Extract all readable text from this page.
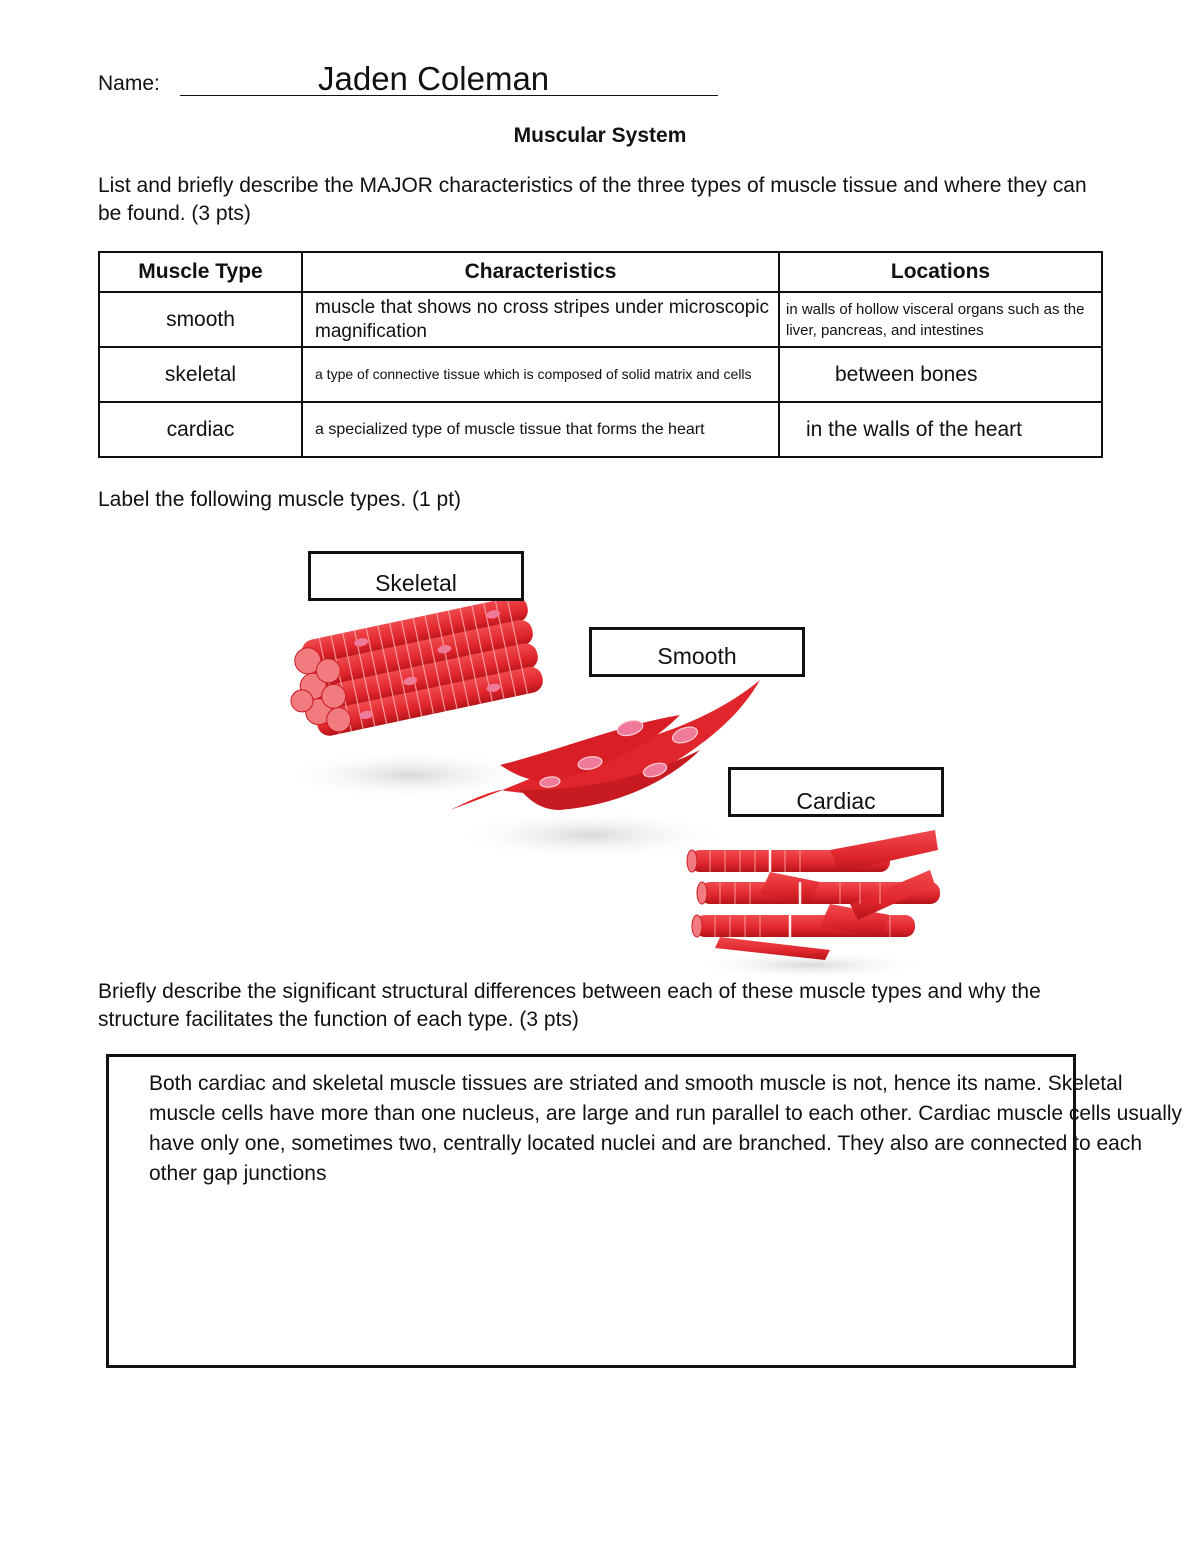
Name:	Jaden Coleman
Muscular System
List and briefly describe the MAJOR characteristics of the three types of muscle tissue and where they can be found. (3 pts)
Muscle Type	Characteristics	Locations
smooth	muscle that shows no cross stripes under microscopic magnification	in walls of hollow visceral organs such as the liver, pancreas, and intestines
skeletal	a type of connective tissue which is composed of solid matrix and cells	between bones
cardiac	a specialized type of muscle tissue that forms the heart	in the walls of the heart
Label the following muscle types. (1 pt)
Skeletal
Smooth
Cardiac
Briefly describe the significant structural differences between each of these muscle types and why the structure facilitates the function of each type. (3 pts)
Both cardiac and skeletal muscle tissues are striated and smooth muscle is not, hence its name. Skeletal muscle cells have more than one nucleus, are large and run parallel to each other. Cardiac muscle cells usually have only one, sometimes two, centrally located nuclei and are branched. They also are connected to each other gap junctions
